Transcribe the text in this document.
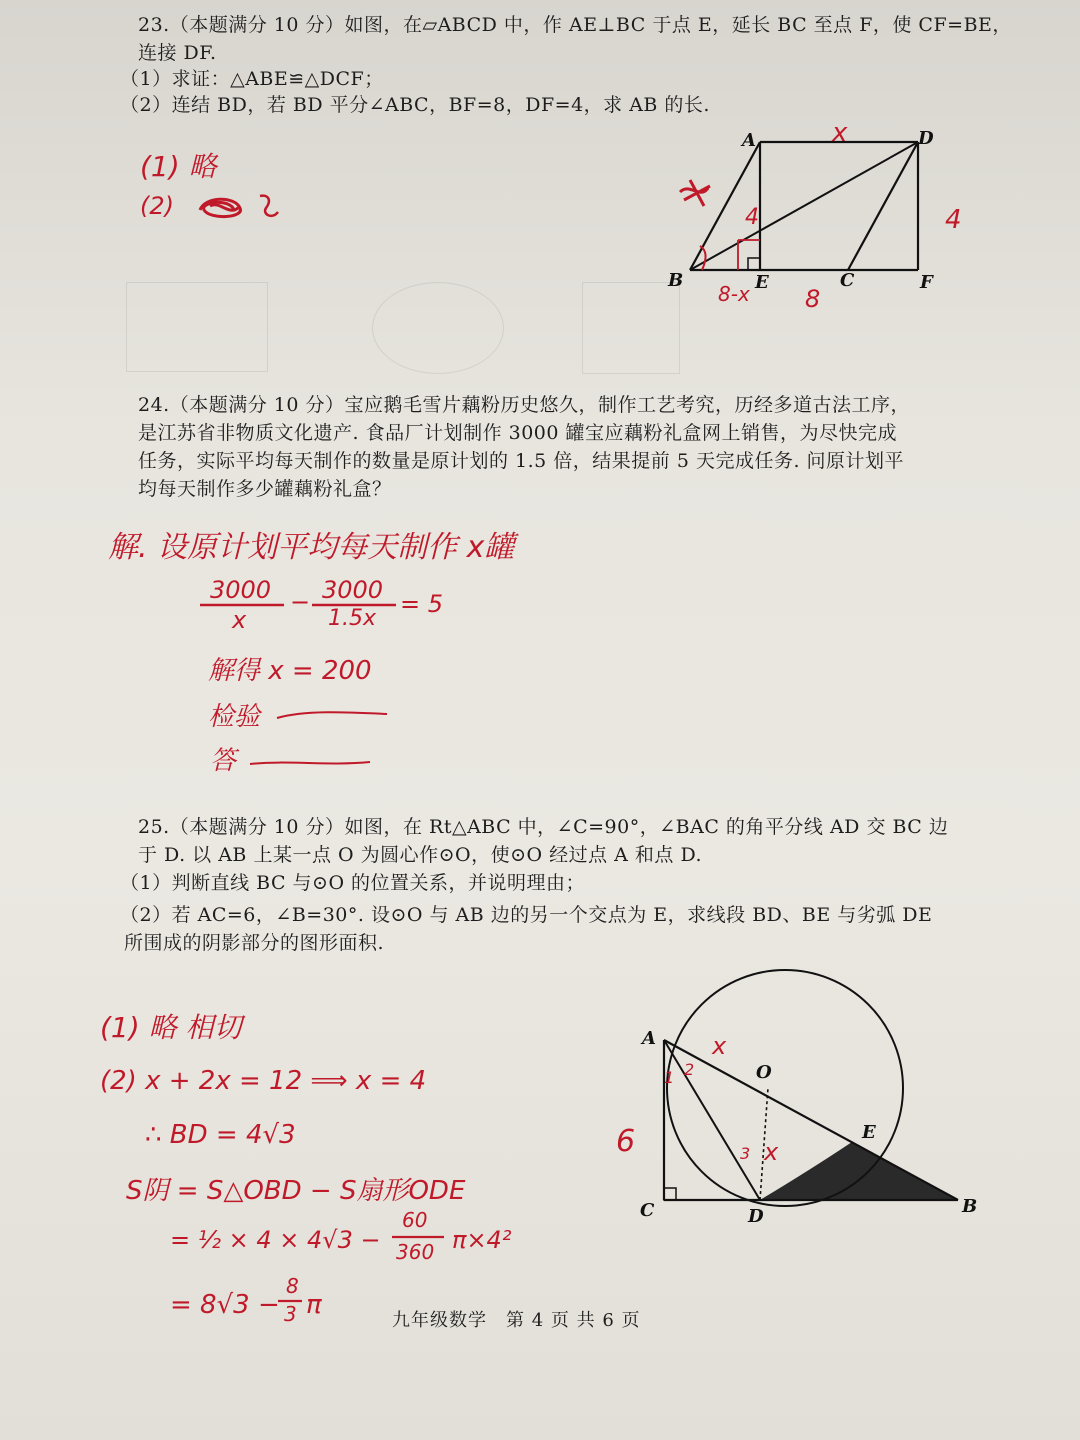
23.（本题满分 10 分）如图，在▱ABCD 中，作 AE⊥BC 于点 E，延长 BC 至点 F，使 CF=BE，
连接 DF.
（1）求证：△ABE≌△DCF；
（2）连结 BD，若 BD 平分∠ABC，BF=8，DF=4，求 AB 的长.
(1) 略
(2)
A	D
B	E	C	F
x
4
4
8
8-x
24.（本题满分 10 分）宝应鹅毛雪片藕粉历史悠久，制作工艺考究，历经多道古法工序，
是江苏省非物质文化遗产. 食品厂计划制作 3000 罐宝应藕粉礼盒网上销售，为尽快完成
任务，实际平均每天制作的数量是原计划的 1.5 倍，结果提前 5 天完成任务. 问原计划平
均每天制作多少罐藕粉礼盒？
解. 设原计划平均每天制作 x罐
3000
x
− 3000
1.5x
= 5
解得 x = 200
检验
答
25.（本题满分 10 分）如图，在 Rt△ABC 中，∠C=90°，∠BAC 的角平分线 AD 交 BC 边
于 D. 以 AB 上某一点 O 为圆心作⊙O，使⊙O 经过点 A 和点 D.
（1）判断直线 BC 与⊙O 的位置关系，并说明理由；
（2）若 AC=6，∠B=30°. 设⊙O 与 AB 边的另一个交点为 E，求线段 BD、BE 与劣弧 DE
所围成的阴影部分的图形面积.
(1) 略 相切
(2) x + 2x = 12 ⟹ x = 4
∴ BD = 4√3
S阴 = S△OBD − S扇形ODE
= ½ × 4 × 4√3 −
60
360 π×4²
= 8√3 −
8
3 π
A
O
E
B
C	D
6
x
1 2
3 x
九年级数学　第 4 页 共 6 页
